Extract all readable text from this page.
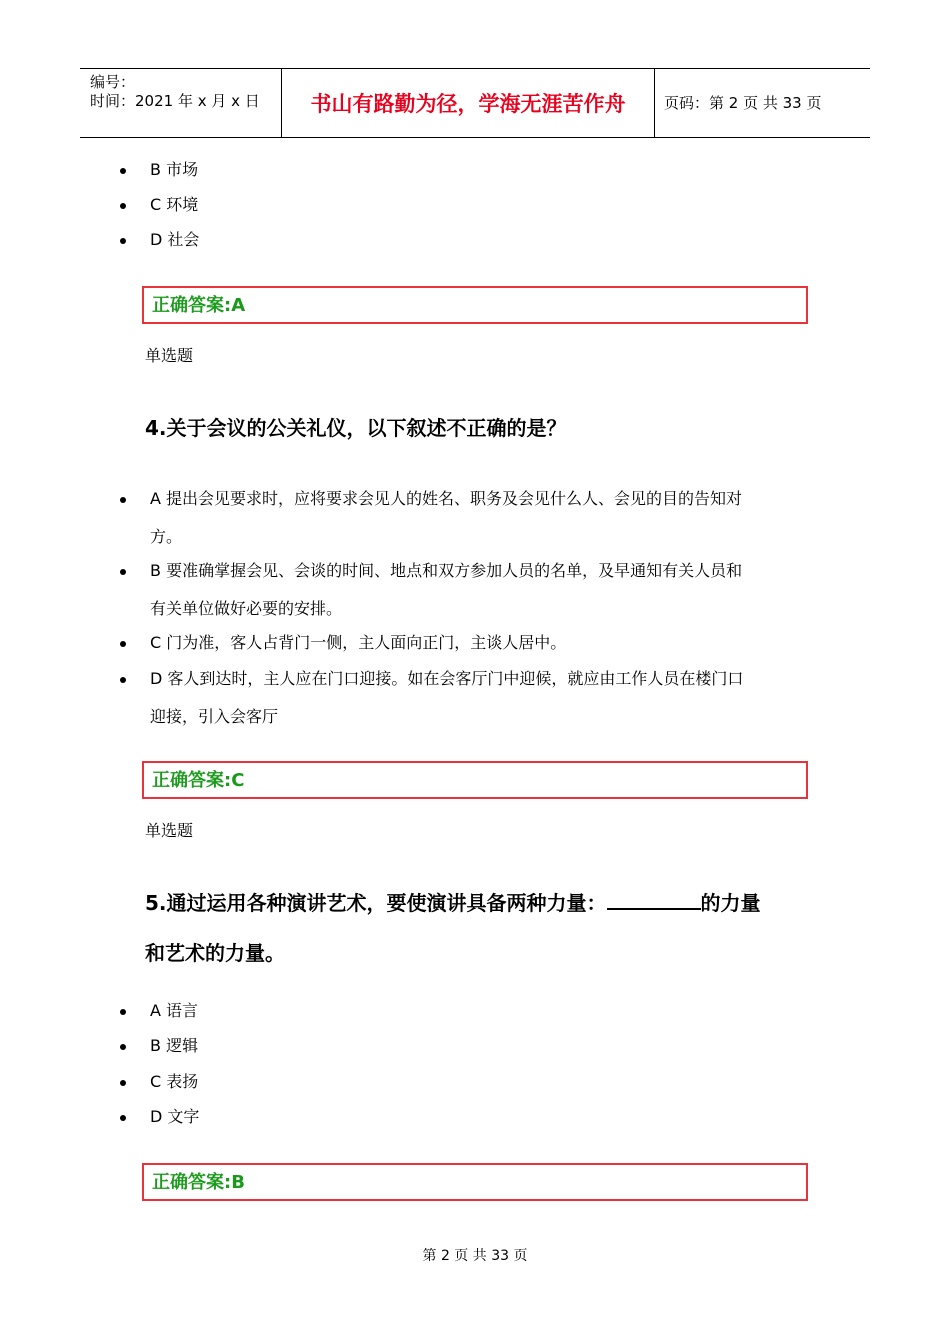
编号：
时间：2021 年 x 月 x 日	书山有路勤为径，学海无涯苦作舟	页码：第 2 页 共 33 页
B 市场
C 环境
D 社会
正确答案:A
单选题
4.关于会议的公关礼仪，以下叙述不正确的是？
A 提出会见要求时，应将要求会见人的姓名、职务及会见什么人、会见的目的告知对
方。
B 要准确掌握会见、会谈的时间、地点和双方参加人员的名单，及早通知有关人员和
有关单位做好必要的安排。
C 门为准，客人占背门一侧，主人面向正门，主谈人居中。
D 客人到达时，主人应在门口迎接。如在会客厅门中迎候，就应由工作人员在楼门口
迎接，引入会客厅
正确答案:C
单选题
5.通过运用各种演讲艺术，要使演讲具备两种力量：	的力量
和艺术的力量。
A 语言
B 逻辑
C 表扬
D 文字
正确答案:B
第 2 页 共 33 页
